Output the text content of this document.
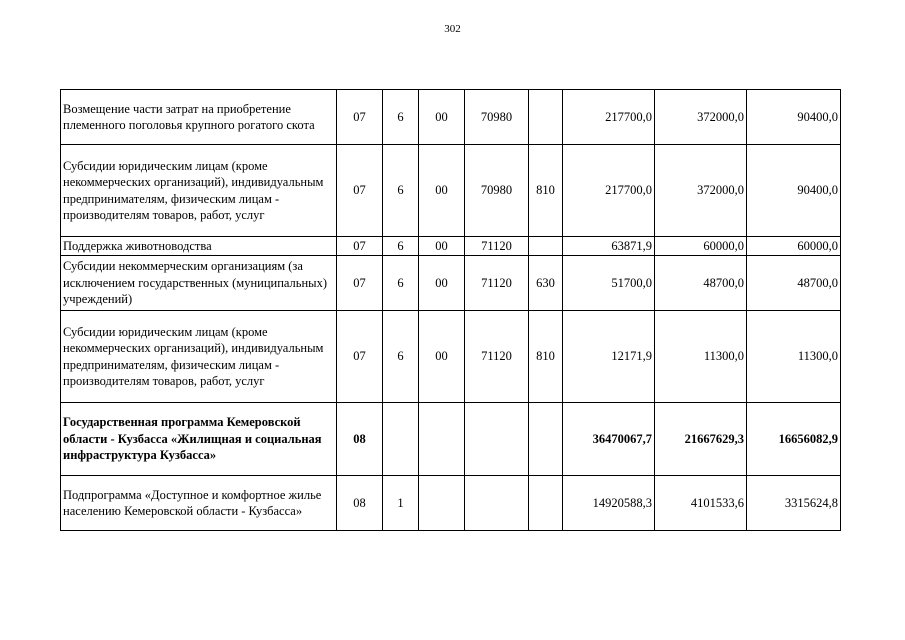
302
Возмещение части затрат на приобретение племенного поголовья крупного рогатого скота	07	6	00	70980		217700,0	372000,0	90400,0
Субсидии юридическим лицам (кроме некоммерческих организаций), индивидуальным предпринимателям, физическим лицам - производителям товаров, работ, услуг	07	6	00	70980	810	217700,0	372000,0	90400,0
Поддержка животноводства	07	6	00	71120		63871,9	60000,0	60000,0
Субсидии некоммерческим организациям (за исключением государственных (муниципальных) учреждений)	07	6	00	71120	630	51700,0	48700,0	48700,0
Субсидии юридическим лицам (кроме некоммерческих организаций), индивидуальным предпринимателям, физическим лицам - производителям товаров, работ, услуг	07	6	00	71120	810	12171,9	11300,0	11300,0
Государственная программа Кемеровской области - Кузбасса «Жилищная и социальная инфраструктура Кузбасса»	08					36470067,7	21667629,3	16656082,9
Подпрограмма «Доступное и комфортное жилье населению Кемеровской области - Кузбасса»	08	1				14920588,3	4101533,6	3315624,8
